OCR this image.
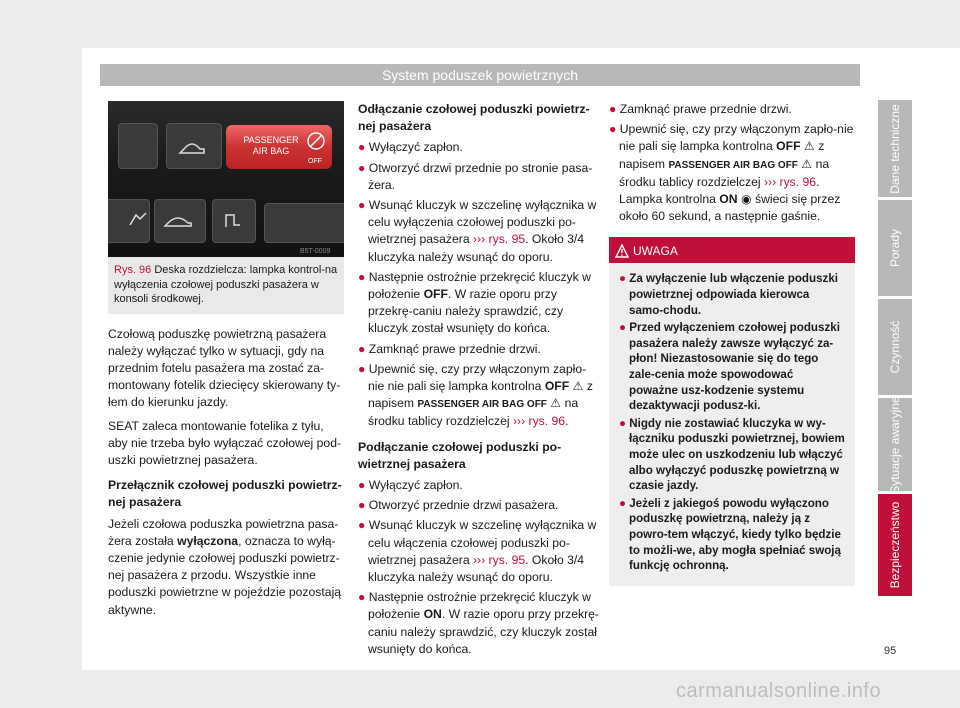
System poduszek powietrznych
PASSENGER AIR BAG
OFF
B5T-0009
Rys. 96 Deska rozdzielcza: lampka kontrol-na wyłączenia czołowej poduszki pasażera w konsoli środkowej.

Czołową poduszkę powietrzną pasażera należy wyłączać tylko w sytuacji, gdy na przednim fotelu pasażera ma zostać za-montowany fotelik dziecięcy skierowany ty-łem do kierunku jazdy.

SEAT zaleca montowanie fotelika z tyłu, aby nie trzeba było wyłączać czołowej pod-uszki powietrznej pasażera.

Przełącznik czołowej poduszki powietrz-nej pasażera

Jeżeli czołowa poduszka powietrzna pasa-żera została wyłączona, oznacza to wyłą-czenie jedynie czołowej poduszki powietrz-nej pasażera z przodu. Wszystkie inne poduszki powietrzne w pojeździe pozostają aktywne.

Odłączanie czołowej poduszki powietrz-nej pasażera

● Wyłączyć zapłon.
● Otworzyć drzwi przednie po stronie pasa-żera.
● Wsunąć kluczyk w szczelinę wyłącznika w celu wyłączenia czołowej poduszki po-wietrznej pasażera ››› rys. 95. Około 3/4 kluczyka należy wsunąć do oporu.
● Następnie ostrożnie przekręcić kluczyk w położenie OFF. W razie oporu przy przekrę-caniu należy sprawdzić, czy kluczyk został wsunięty do końca.
● Zamknąć prawe przednie drzwi.
● Upewnić się, czy przy włączonym zapło-nie nie pali się lampka kontrolna OFF ⚠ z napisem PASSENGER AIR BAG OFF ⚠ na środku tablicy rozdzielczej ››› rys. 96.

Podłączanie czołowej poduszki po-wietrznej pasażera

● Wyłączyć zapłon.
● Otworzyć przednie drzwi pasażera.
● Wsunąć kluczyk w szczelinę wyłącznika w celu włączenia czołowej poduszki po-wietrznej pasażera ››› rys. 95. Około 3/4 kluczyka należy wsunąć do oporu.
● Następnie ostrożnie przekręcić kluczyk w położenie ON. W razie oporu przy przekrę-caniu należy sprawdzić, czy kluczyk został wsunięty do końca.
● Zamknąć prawe przednie drzwi.
● Upewnić się, czy przy włączonym zapło-nie nie pali się lampka kontrolna OFF ⚠ z napisem PASSENGER AIR BAG OFF ⚠ na środku tablicy rozdzielczej ››› rys. 96. Lampka kontrolna ON ◉ świeci się przez około 60 sekund, a następnie gaśnie.
UWAGA
● Za wyłączenie lub włączenie poduszki powietrznej odpowiada kierowca samo-chodu.
● Przed wyłączeniem czołowej poduszki pasażera należy zawsze wyłączyć za-płon! Niezastosowanie się do tego zale-cenia może spowodować poważne usz-kodzenie systemu dezaktywacji podusz-ki.
● Nigdy nie zostawiać kluczyka w wy-łączniku poduszki powietrznej, bowiem może ulec on uszkodzeniu lub włączyć albo wyłączyć poduszkę powietrzną w czasie jazdy.
● Jeżeli z jakiegoś powodu wyłączono poduszkę powietrzną, należy ją z powro-tem włączyć, kiedy tylko będzie to możli-we, aby mogła spełniać swoją funkcję ochronną.
Dane techniczne
Porady
Czynność
Sytuacje awaryjne
Bezpieczeństwo
95
carmanualsonline.info
